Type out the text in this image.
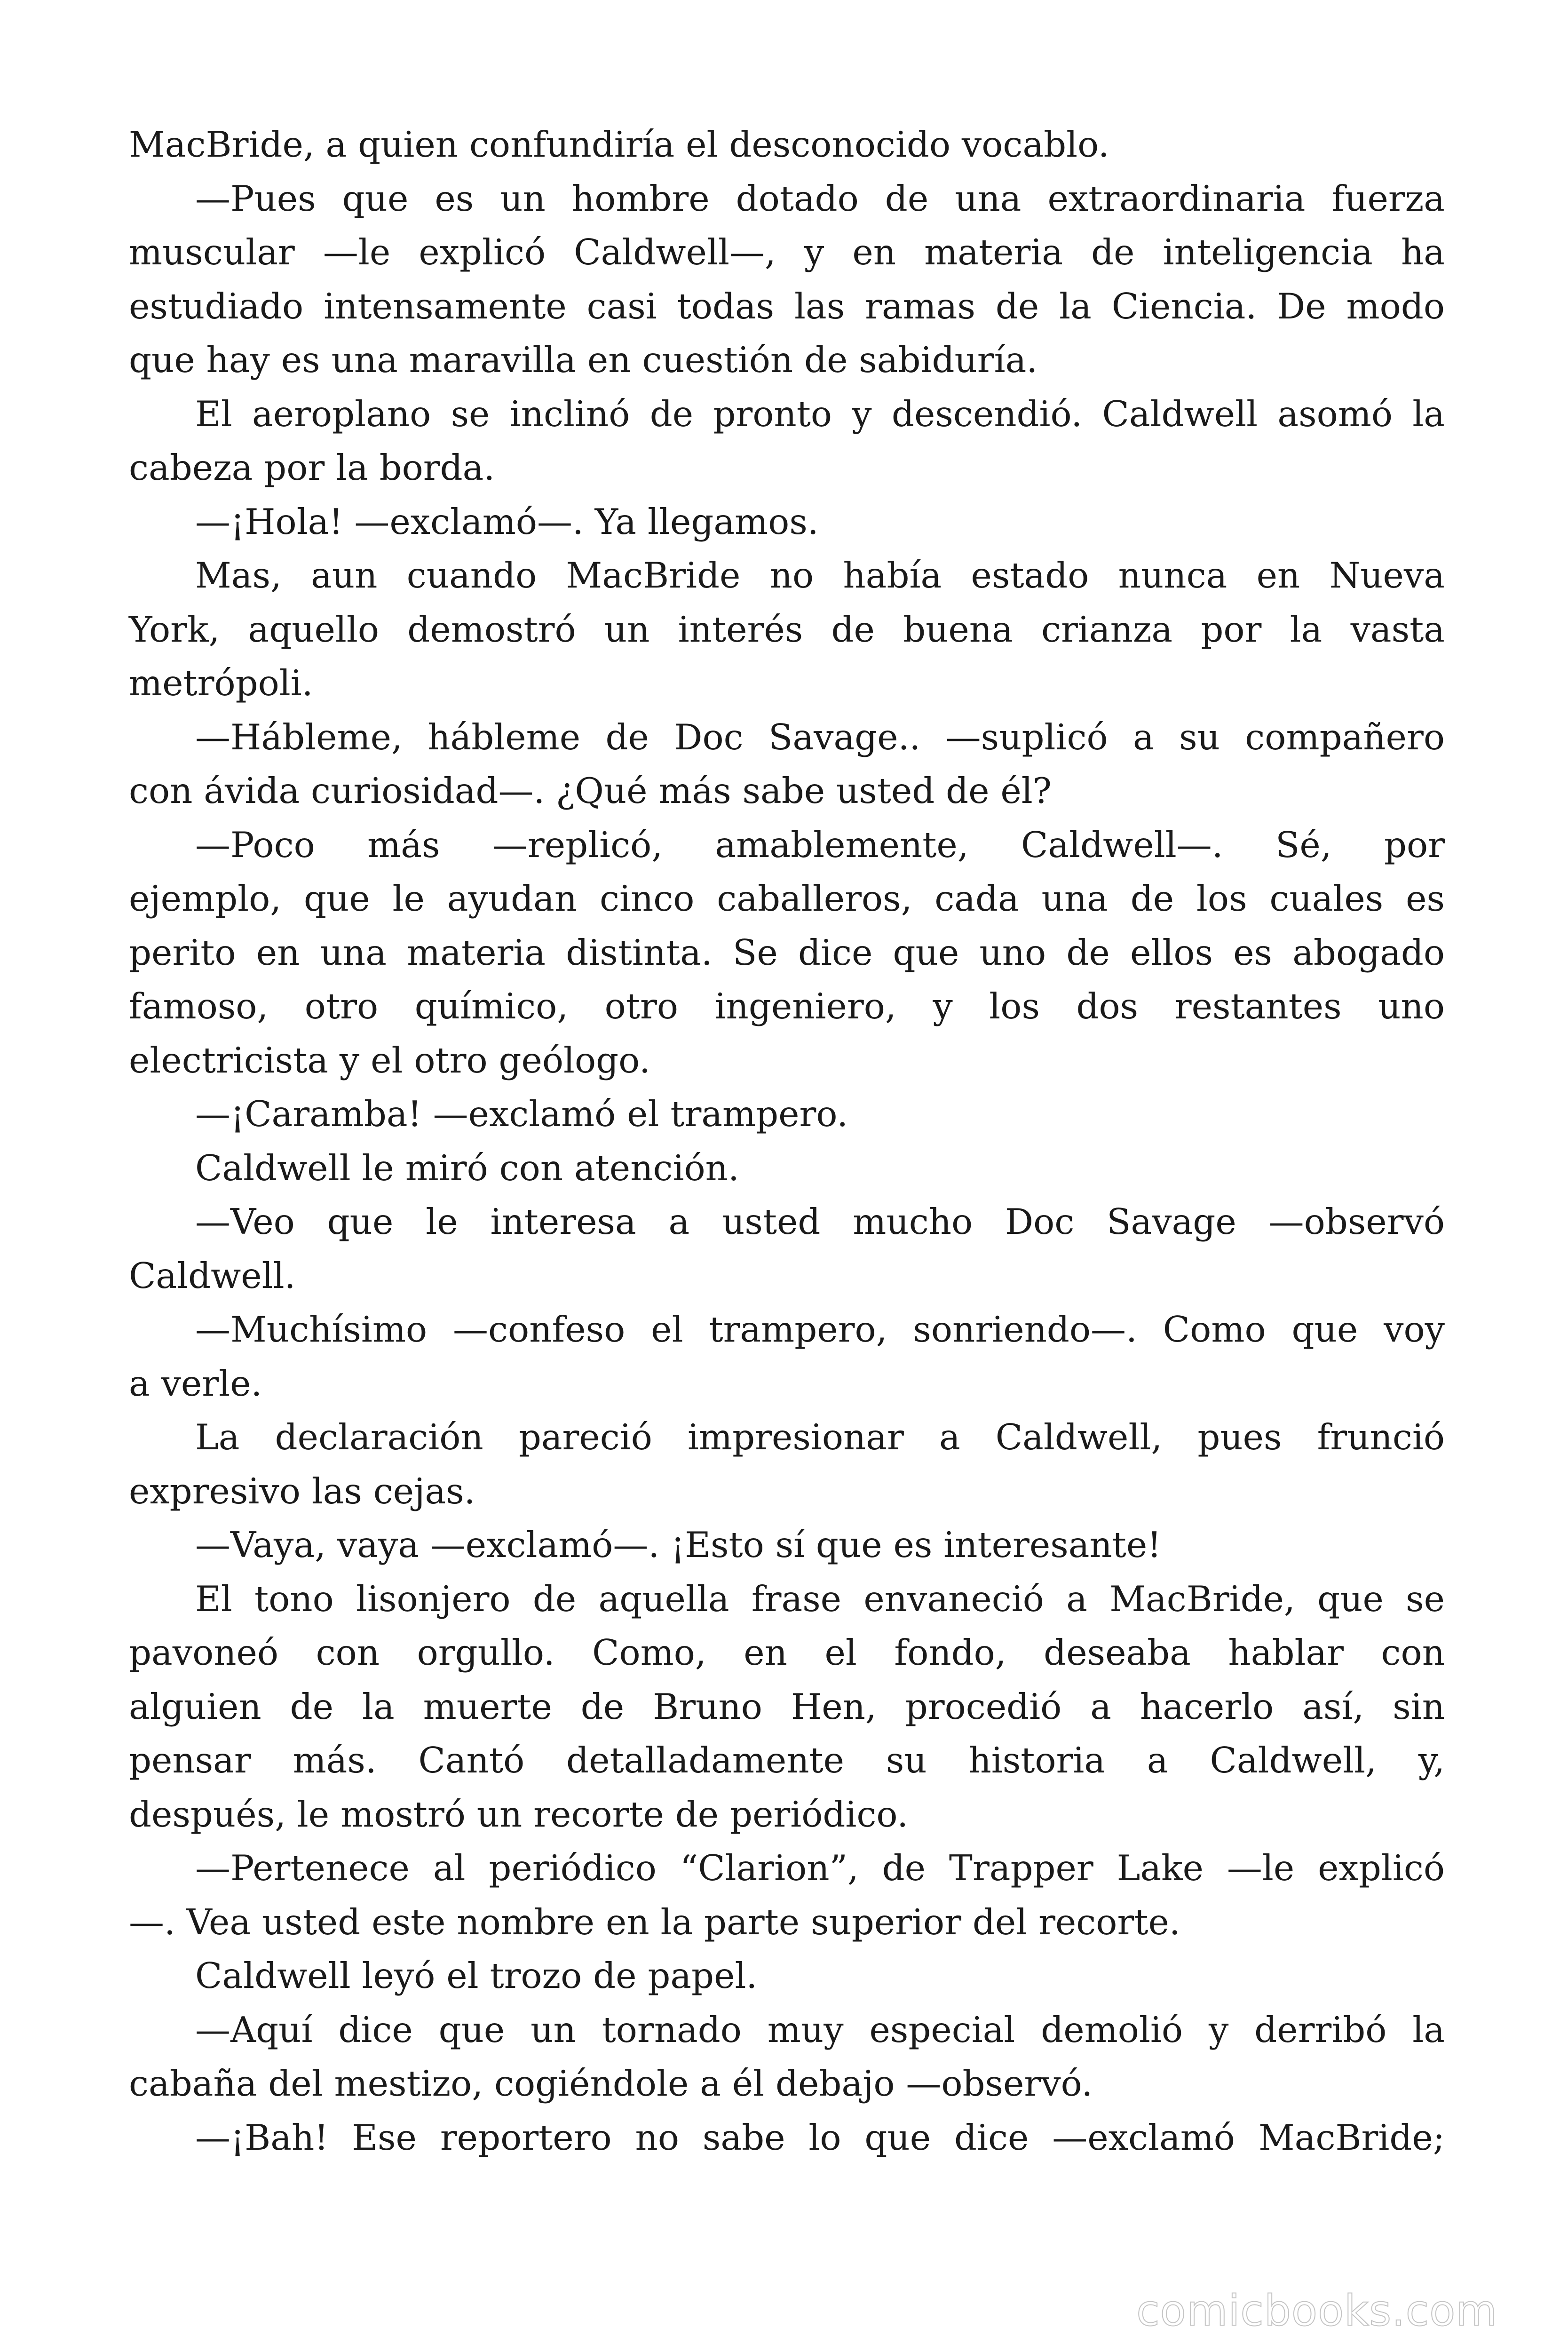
MacBride, a quien confundiría el desconocido vocablo.
—Pues que es un hombre dotado de una extraordinaria fuerza
muscular —le explicó Caldwell—, y en materia de inteligencia ha
estudiado intensamente casi todas las ramas de la Ciencia. De modo
que hay es una maravilla en cuestión de sabiduría.
El aeroplano se inclinó de pronto y descendió. Caldwell asomó la
cabeza por la borda.
—¡Hola! —exclamó—. Ya llegamos.
Mas, aun cuando MacBride no había estado nunca en Nueva
York, aquello demostró un interés de buena crianza por la vasta
metrópoli.
—Hábleme, hábleme de Doc Savage.. —suplicó a su compañero
con ávida curiosidad—. ¿Qué más sabe usted de él?
—Poco más —replicó, amablemente, Caldwell—. Sé, por
ejemplo, que le ayudan cinco caballeros, cada una de los cuales es
perito en una materia distinta. Se dice que uno de ellos es abogado
famoso, otro químico, otro ingeniero, y los dos restantes uno
electricista y el otro geólogo.
—¡Caramba! —exclamó el trampero.
Caldwell le miró con atención.
—Veo que le interesa a usted mucho Doc Savage —observó
Caldwell.
—Muchísimo —confeso el trampero, sonriendo—. Como que voy
a verle.
La declaración pareció impresionar a Caldwell, pues frunció
expresivo las cejas.
—Vaya, vaya —exclamó—. ¡Esto sí que es interesante!
El tono lisonjero de aquella frase envaneció a MacBride, que se
pavoneó con orgullo. Como, en el fondo, deseaba hablar con
alguien de la muerte de Bruno Hen, procedió a hacerlo así, sin
pensar más. Cantó detalladamente su historia a Caldwell, y,
después, le mostró un recorte de periódico.
—Pertenece al periódico “Clarion”, de Trapper Lake —le explicó
—. Vea usted este nombre en la parte superior del recorte.
Caldwell leyó el trozo de papel.
—Aquí dice que un tornado muy especial demolió y derribó la
cabaña del mestizo, cogiéndole a él debajo —observó.
—¡Bah! Ese reportero no sabe lo que dice —exclamó MacBride;
comicbooks.com
